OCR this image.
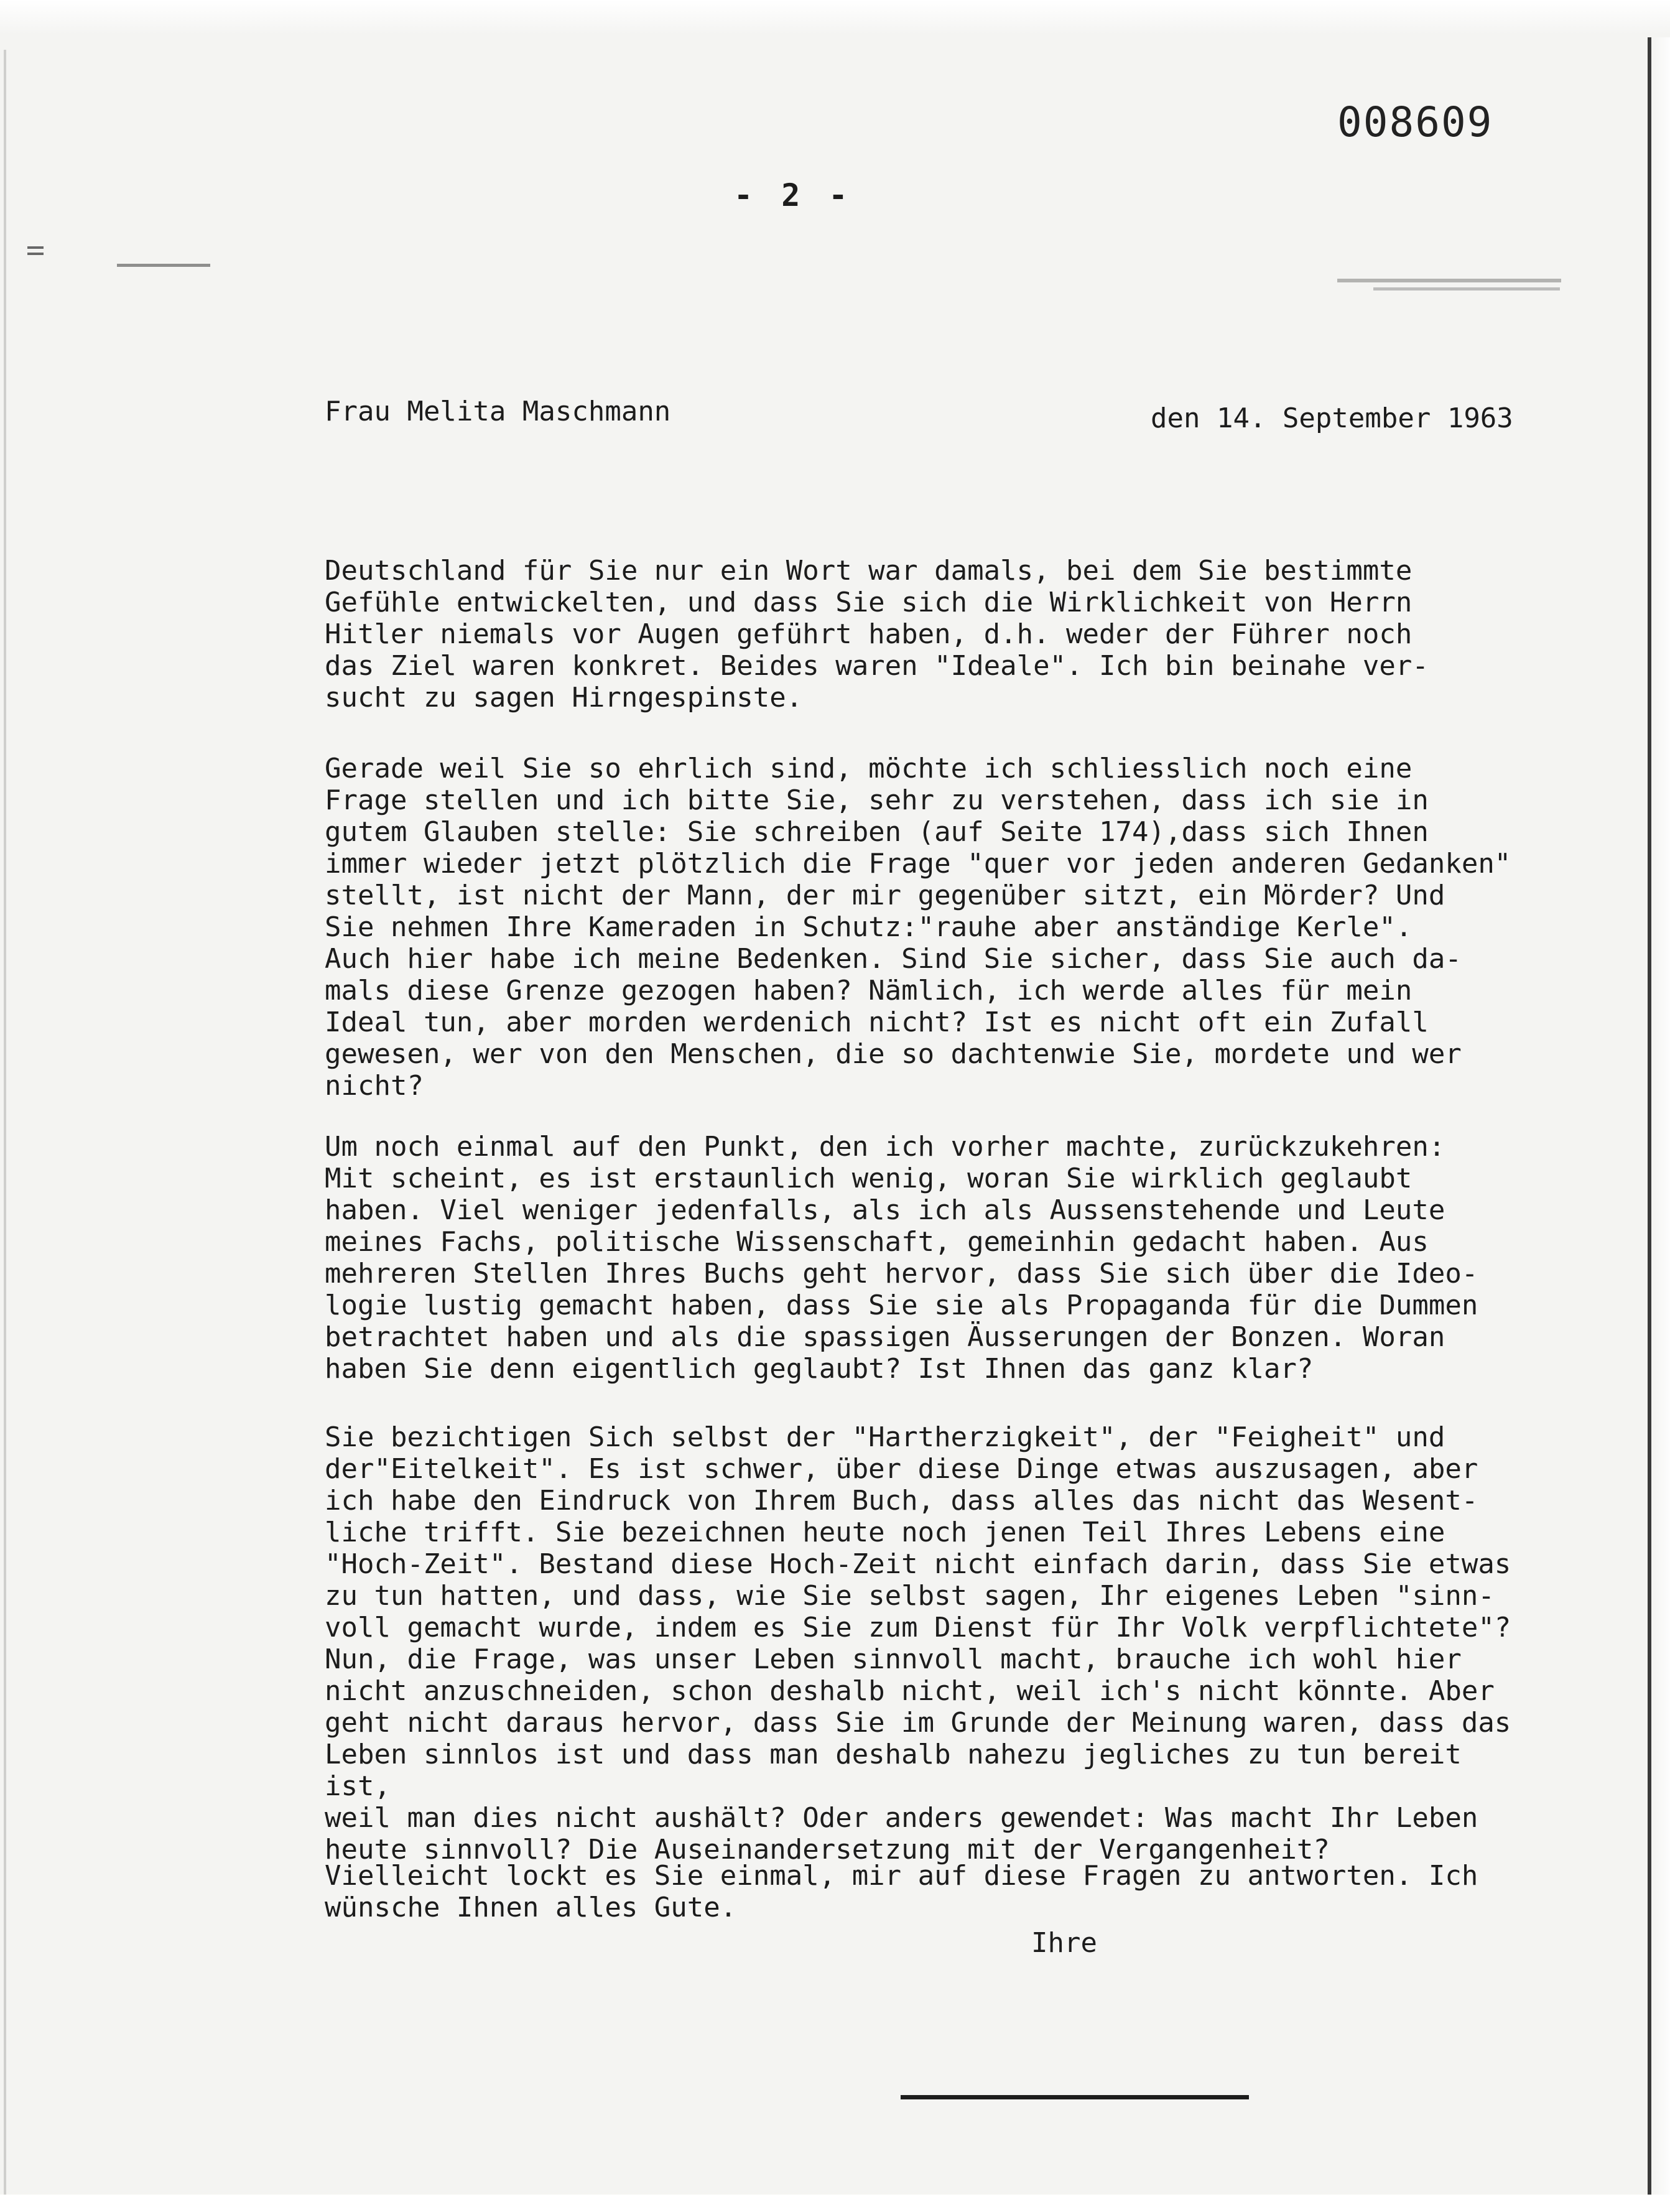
008609
- 2 -
Frau Melita Maschmann	den 14. September 1963
Deutschland für Sie nur ein Wort war damals, bei dem Sie bestimmte
Gefühle entwickelten, und dass Sie sich die Wirklichkeit von Herrn
Hitler niemals vor Augen geführt haben, d.h. weder der Führer noch
das Ziel waren konkret. Beides waren "Ideale". Ich bin beinahe ver-
sucht zu sagen Hirngespinste.
Gerade weil Sie so ehrlich sind, möchte ich schliesslich noch eine
Frage stellen und ich bitte Sie, sehr zu verstehen, dass ich sie in
gutem Glauben stelle: Sie schreiben (auf Seite 174),dass sich Ihnen
immer wieder jetzt plötzlich die Frage "quer vor jeden anderen Gedanken"
stellt, ist nicht der Mann, der mir gegenüber sitzt, ein Mörder? Und
Sie nehmen Ihre Kameraden in Schutz:"rauhe aber anständige Kerle".
Auch hier habe ich meine Bedenken. Sind Sie sicher, dass Sie auch da-
mals diese Grenze gezogen haben? Nämlich, ich werde alles für mein
Ideal tun, aber morden werdenich nicht? Ist es nicht oft ein Zufall
gewesen, wer von den Menschen, die so dachtenwie Sie, mordete und wer
nicht?
Um noch einmal auf den Punkt, den ich vorher machte, zurückzukehren:
Mit scheint, es ist erstaunlich wenig, woran Sie wirklich geglaubt
haben. Viel weniger jedenfalls, als ich als Aussenstehende und Leute
meines Fachs, politische Wissenschaft, gemeinhin gedacht haben. Aus
mehreren Stellen Ihres Buchs geht hervor, dass Sie sich über die Ideo-
logie lustig gemacht haben, dass Sie sie als Propaganda für die Dummen
betrachtet haben und als die spassigen Äusserungen der Bonzen. Woran
haben Sie denn eigentlich geglaubt? Ist Ihnen das ganz klar?
Sie bezichtigen Sich selbst der "Hartherzigkeit", der "Feigheit" und
der"Eitelkeit". Es ist schwer, über diese Dinge etwas auszusagen, aber
ich habe den Eindruck von Ihrem Buch, dass alles das nicht das Wesent-
liche trifft. Sie bezeichnen heute noch jenen Teil Ihres Lebens eine
"Hoch-Zeit". Bestand diese Hoch-Zeit nicht einfach darin, dass Sie etwas
zu tun hatten, und dass, wie Sie selbst sagen, Ihr eigenes Leben "sinn-
voll gemacht wurde, indem es Sie zum Dienst für Ihr Volk verpflichtete"?
Nun, die Frage, was unser Leben sinnvoll macht, brauche ich wohl hier
nicht anzuschneiden, schon deshalb nicht, weil ich's nicht könnte. Aber
geht nicht daraus hervor, dass Sie im Grunde der Meinung waren, dass das
Leben sinnlos ist und dass man deshalb nahezu jegliches zu tun bereit ist,
weil man dies nicht aushält? Oder anders gewendet: Was macht Ihr Leben
heute sinnvoll? Die Auseinandersetzung mit der Vergangenheit?
Vielleicht lockt es Sie einmal, mir auf diese Fragen zu antworten. Ich
wünsche Ihnen alles Gute.
Ihre
